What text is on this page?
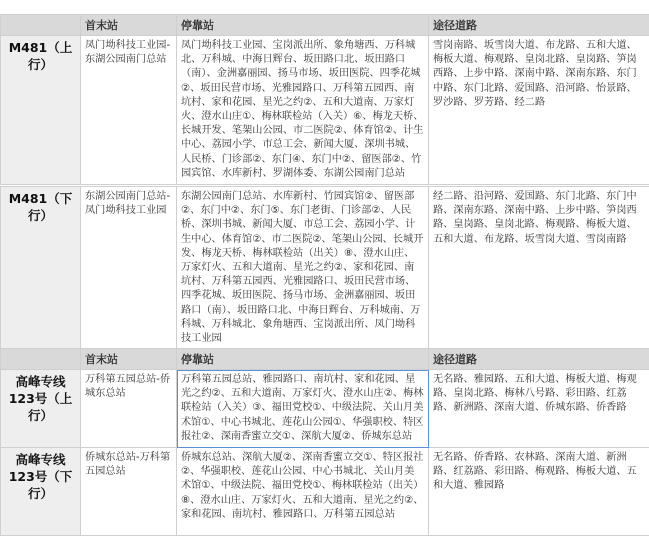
	首末站	停靠站	途径道路
M481（上行）	凤门坳科技工业园-东湖公园南门总站	凤门坳科技工业园、宝岗派出所、象角塘西、万科城北、万科城、中海日辉台、坂田路口北、坂田路口（南）、金洲嘉丽园、扬马市场、坂田医院、四季花城②、坂田民营市场、光雅园路口、万科第五园西、南坑村、家和花园、星光之约②、五和大道南、万家灯火、澄水山庄①、梅林联检站（入关）⑥、梅龙天桥、长城开发、笔架山公园、市二医院②、体育馆②、计生中心、荔园小学、市总工会、新闻大厦、深圳书城、人民桥、门诊部②、东门④、东门中②、留医部②、竹园宾馆、水库新村、罗湖体委、东湖公园南门总站	雪岗南路、坂雪岗大道、布龙路、五和大道、梅板大道、梅观路、皇岗北路、皇岗路、笋岗西路、上步中路、深南中路、深南东路、东门中路、东门北路、爱国路、沿河路、怡景路、罗沙路、罗芳路、经二路
M481（下行）	东湖公园南门总站-凤门坳科技工业园	东湖公园南门总站、水库新村、竹园宾馆②、留医部②、东门中②、东门⑤、东门老街、门诊部②、人民桥、深圳书城、新闻大厦、市总工会、荔园小学、计生中心、体育馆②、市二医院②、笔架山公园、长城开发、梅龙天桥、梅林联检站（出关）⑧、澄水山庄、万家灯火、五和大道南、星光之约②、家和花园、南坑村、万科第五园西、光雅园路口、坂田民营市场、四季花城、坂田医院、扬马市场、金洲嘉丽园、坂田路口（南）、坂田路口北、中海日辉台、万科城南、万科城、万科城北、象角塘西、宝岗派出所、凤门坳科技工业园	经二路、沿河路、爱国路、东门北路、东门中路、深南东路、深南中路、上步中路、笋岗西路、皇岗路、皇岗北路、梅观路、梅板大道、五和大道、布龙路、坂雪岗大道、雪岗南路
	首末站	停靠站	途径道路
高峰专线123号（上行）	万科第五园总站-侨城东总站	万科第五园总站、雅园路口、南坑村、家和花园、星光之约②、五和大道南、万家灯火、澄水山庄②、梅林联检站（入关）③、福田党校①、中级法院、关山月美术馆①、中心书城北、莲花山公园①、华强职校、特区报社②、深南香蜜立交①、深航大厦②、侨城东总站	无名路、雅园路、五和大道、梅板大道、梅观路、皇岗北路、梅林八号路、彩田路、红荔路、新洲路、深南大道、侨城东路、侨香路
高峰专线123号（下行）	侨城东总站-万科第五园总站	侨城东总站、深航大厦②、深南香蜜立交①、特区报社②、华强职校、莲花山公园、中心书城北、关山月美术馆①、中级法院、福田党校①、梅林联检站（出关）⑧、澄水山庄、万家灯火、五和大道南、星光之约②、家和花园、南坑村、雅园路口、万科第五园总站	无名路、侨香路、农林路、深南大道、新洲路、红荔路、彩田路、梅观路、梅板大道、五和大道、雅园路
